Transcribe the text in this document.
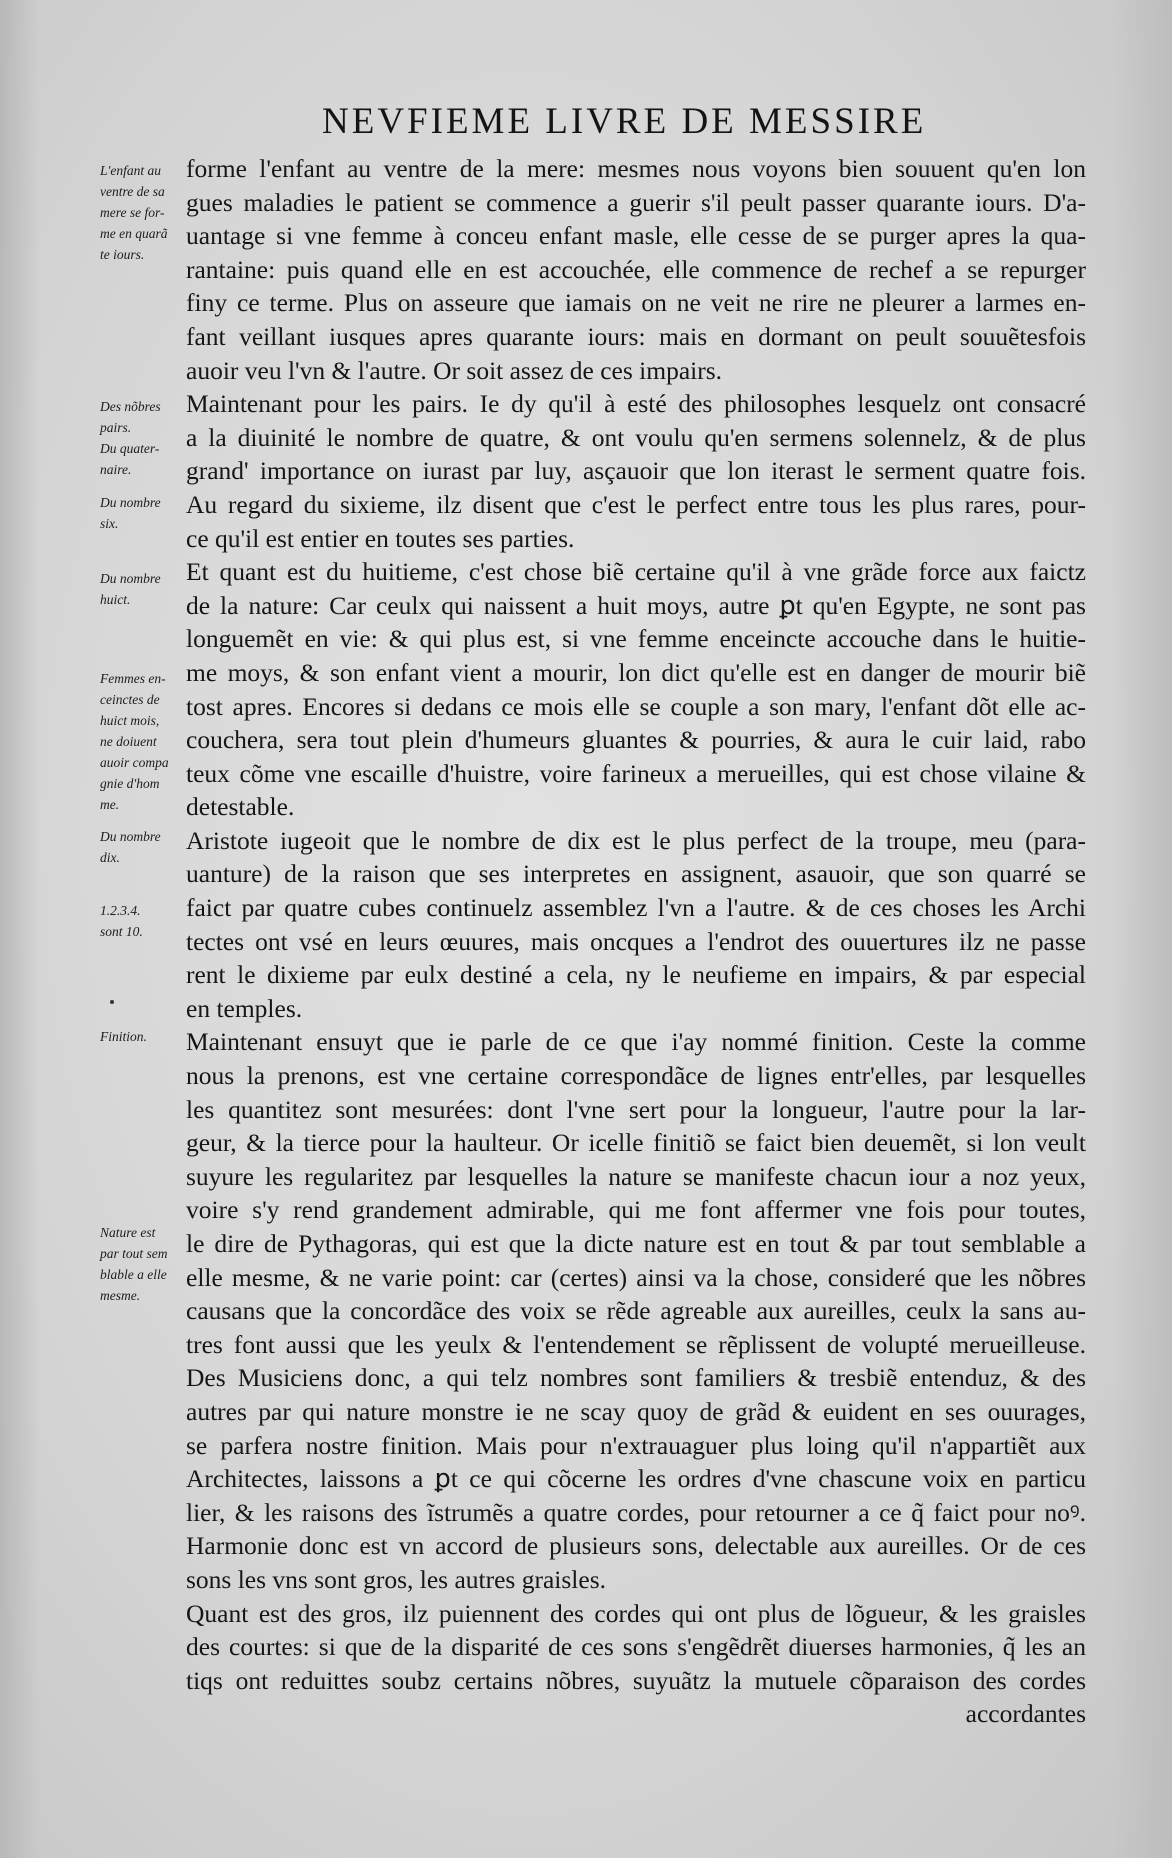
NEVFIEME LIVRE DE MESSIRE
L'enfant au
ventre de sa
mere se for-
me en quarã
te iours.
Des nõbres
pairs.
Du quater-
naire.
Du nombre
six.
Du nombre
huict.
Femmes en-
ceinctes de
huict mois,
ne doiuent
auoir compa
gnie d'hom
me.
Du nombre
dix.
1.2.3.4.
sont 10.
Finition.
Nature est
par tout sem
blable a elle
mesme.
forme l'enfant au ventre de la mere: mesmes nous voyons bien souuent qu'en lon
gues maladies le patient se commence a guerir s'il peult passer quarante iours. D'a-
uantage si vne femme à conceu enfant masle, elle cesse de se purger apres la qua-
rantaine: puis quand elle en est accouchée, elle commence de rechef a se repurger
finy ce terme. Plus on asseure que iamais on ne veit ne rire ne pleurer a larmes en-
fant veillant iusques apres quarante iours: mais en dormant on peult souuẽtesfois
auoir veu l'vn & l'autre. Or soit assez de ces impairs.
Maintenant pour les pairs. Ie dy qu'il à esté des philosophes lesquelz ont consacré
a la diuinité le nombre de quatre, & ont voulu qu'en sermens solennelz, & de plus
grand' importance on iurast par luy, asçauoir que lon iterast le serment quatre fois.
Au regard du sixieme, ilz disent que c'est le perfect entre tous les plus rares, pour-
ce qu'il est entier en toutes ses parties.
Et quant est du huitieme, c'est chose biẽ certaine qu'il à vne grãde force aux faictz
de la nature: Car ceulx qui naissent a huit moys, autre ꝑt qu'en Egypte, ne sont pas
longuemẽt en vie: & qui plus est, si vne femme enceincte accouche dans le huitie-
me moys, & son enfant vient a mourir, lon dict qu'elle est en danger de mourir biẽ
tost apres. Encores si dedans ce mois elle se couple a son mary, l'enfant dõt elle ac-
couchera, sera tout plein d'humeurs gluantes & pourries, & aura le cuir laid, rabo
teux cõme vne escaille d'huistre, voire farineux a merueilles, qui est chose vilaine &
detestable.
Aristote iugeoit que le nombre de dix est le plus perfect de la troupe, meu (para-
uanture) de la raison que ses interpretes en assignent, asauoir, que son quarré se
faict par quatre cubes continuelz assemblez l'vn a l'autre. & de ces choses les Archi
tectes ont vsé en leurs œuures, mais oncques a l'endrot des ouuertures ilz ne passe
rent le dixieme par eulx destiné a cela, ny le neufieme en impairs, & par especial
en temples.
Maintenant ensuyt que ie parle de ce que i'ay nommé finition. Ceste la comme
nous la prenons, est vne certaine correspondãce de lignes entr'elles, par lesquelles
les quantitez sont mesurées: dont l'vne sert pour la longueur, l'autre pour la lar-
geur, & la tierce pour la haulteur. Or icelle finitiõ se faict bien deuemẽt, si lon veult
suyure les regularitez par lesquelles la nature se manifeste chacun iour a noz yeux,
voire s'y rend grandement admirable, qui me font affermer vne fois pour toutes,
le dire de Pythagoras, qui est que la dicte nature est en tout & par tout semblable a
elle mesme, & ne varie point: car (certes) ainsi va la chose, consideré que les nõbres
causans que la concordãce des voix se rẽde agreable aux aureilles, ceulx la sans au-
tres font aussi que les yeulx & l'entendement se rẽplissent de volupté merueilleuse.
Des Musiciens donc, a qui telz nombres sont familiers & tresbiẽ entenduz, & des
autres par qui nature monstre ie ne scay quoy de grãd & euident en ses ouurages,
se parfera nostre finition. Mais pour n'extrauaguer plus loing qu'il n'appartiẽt aux
Architectes, laissons a ꝑt ce qui cõcerne les ordres d'vne chascune voix en particu
lier, & les raisons des ĩstrumẽs a quatre cordes, pour retourner a ce q̃ faict pour noꝰ.
Harmonie donc est vn accord de plusieurs sons, delectable aux aureilles. Or de ces
sons les vns sont gros, les autres graisles.
Quant est des gros, ilz puiennent des cordes qui ont plus de lõgueur, & les graisles
des courtes: si que de la disparité de ces sons s'engẽdrẽt diuerses harmonies, q̃ les an
tiqs ont reduittes soubz certains nõbres, suyuãtz la mutuele cõparaison des cordes
accordantes
